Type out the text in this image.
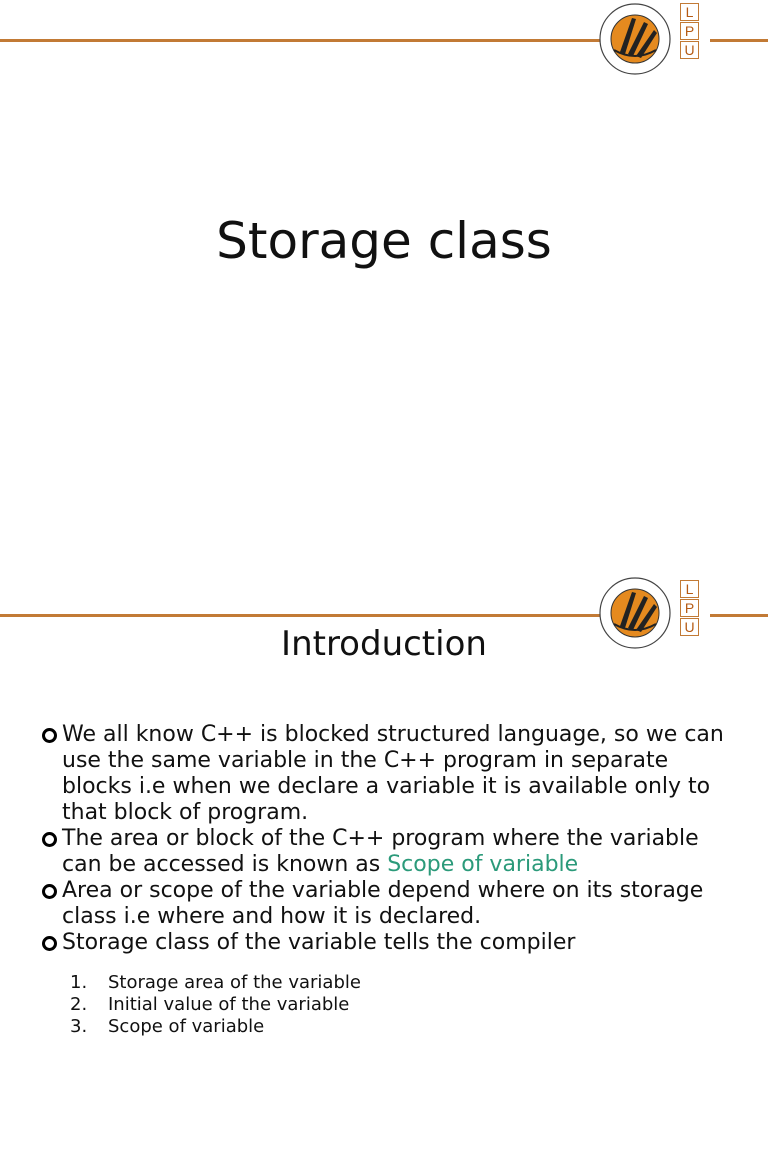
L
P
U
Storage class
L
P
U
Introduction
We all know C++ is blocked structured language, so we can use the same variable in the C++ program in separate blocks i.e when we declare a variable it is available only to that block of program.
The area or block of the C++ program where the variable can be accessed is known as Scope of variable
Area or scope of the variable depend where on its storage class i.e where and how it is declared.
Storage class of the variable tells the compiler
1. Storage area of the variable
2. Initial value of the variable
3. Scope of variable
